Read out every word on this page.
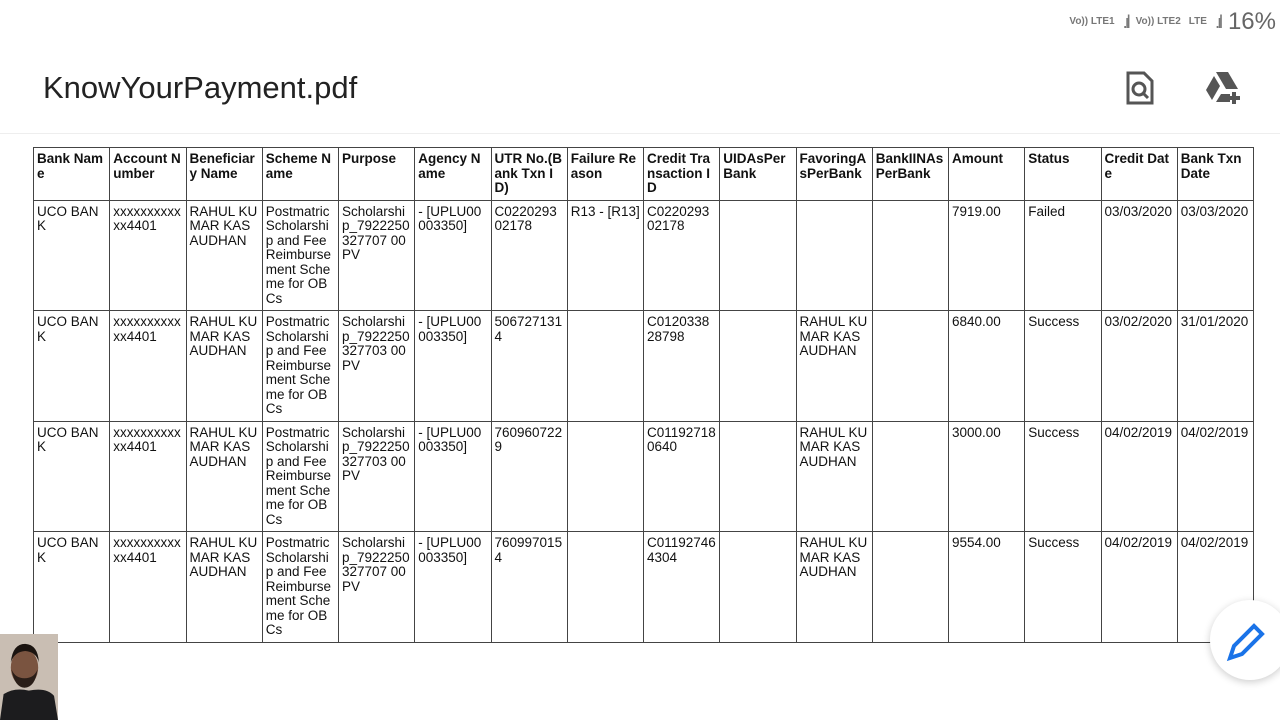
Vo)) LTE1 .ıl Vo)) LTE2 LTE .ıl 16%
KnowYourPayment.pdf
Bank Name	Account Number	Beneficiary Name	Scheme Name	Purpose	Agency Name	UTR No.(Bank Txn ID)	Failure Reason	Credit Transaction ID	UIDAsPerBank	FavoringAsPerBank	BankIINAsPerBank	Amount	Status	Credit Date	Bank Txn Date
UCO BANK	xxxxxxxxxxxx4401	RAHUL KUMAR KASAUDHAN	Postmatric Scholarship and Fee Reimbursement Scheme for OBCs	Scholarship_7922250327707 00PV	- [UPLU00003350]	C022029302178	R13 - [R13]	C022029302178				7919.00	Failed	03/03/2020	03/03/2020
UCO BANK	xxxxxxxxxxxx4401	RAHUL KUMAR KASAUDHAN	Postmatric Scholarship and Fee Reimbursement Scheme for OBCs	Scholarship_7922250327703 00PV	- [UPLU00003350]	5067271314		C012033828798		RAHUL KUMAR KASAUDHAN		6840.00	Success	03/02/2020	31/01/2020
UCO BANK	xxxxxxxxxxxx4401	RAHUL KUMAR KASAUDHAN	Postmatric Scholarship and Fee Reimbursement Scheme for OBCs	Scholarship_7922250327703 00PV	- [UPLU00003350]	7609607229		C011927180640		RAHUL KUMAR KASAUDHAN		3000.00	Success	04/02/2019	04/02/2019
UCO BANK	xxxxxxxxxxxx4401	RAHUL KUMAR KASAUDHAN	Postmatric Scholarship and Fee Reimbursement Scheme for OBCs	Scholarship_7922250327707 00PV	- [UPLU00003350]	7609970154		C011927464304		RAHUL KUMAR KASAUDHAN		9554.00	Success	04/02/2019	04/02/2019
